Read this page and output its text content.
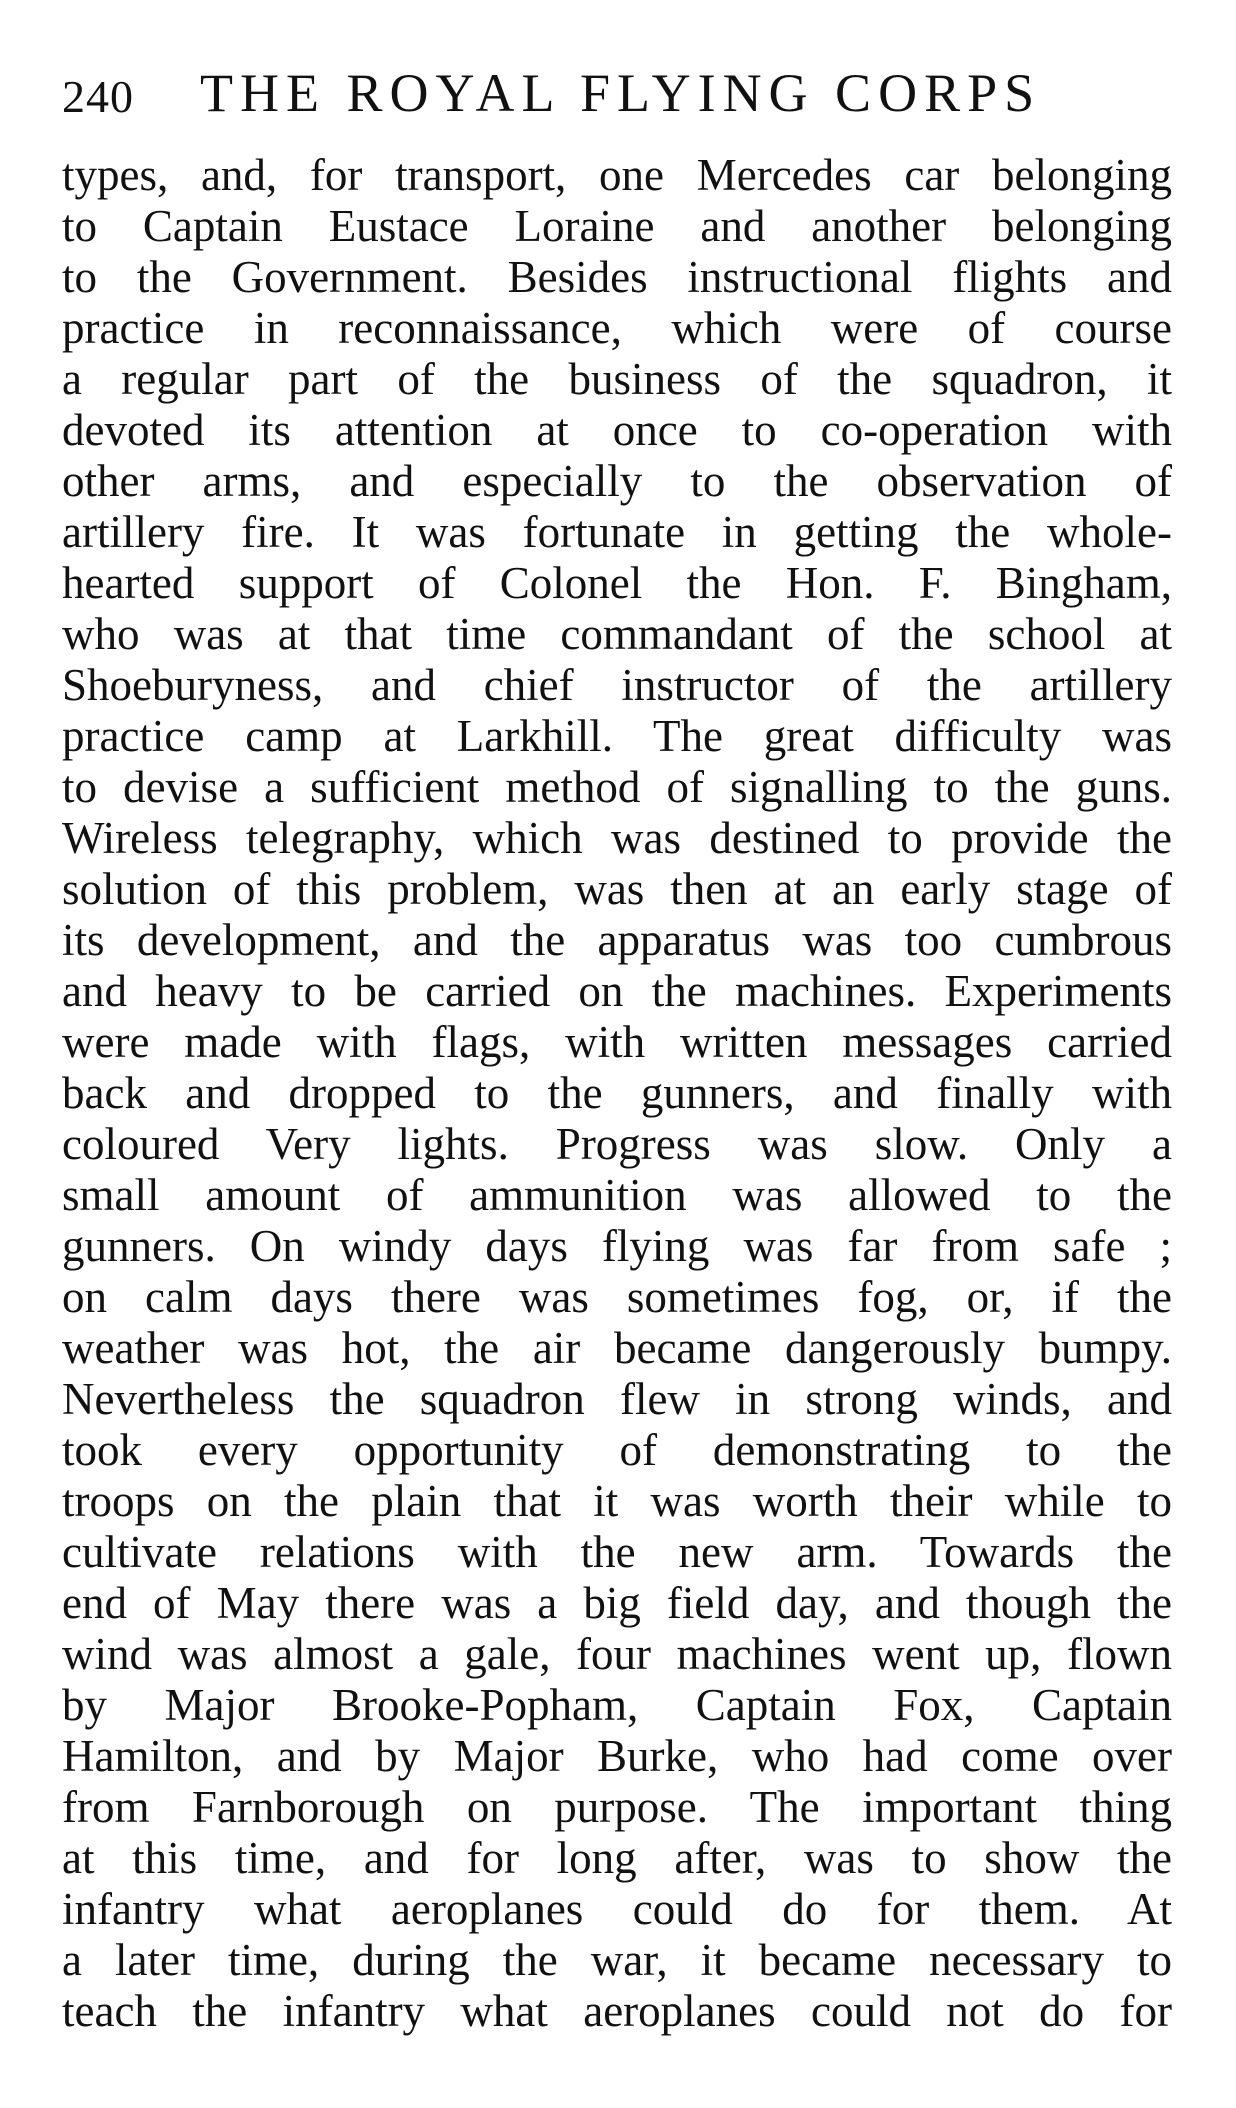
240 THE ROYAL FLYING CORPS
types, and, for transport, one Mercedes car belonging
to Captain Eustace Loraine and another belonging
to the Government. Besides instructional flights and
practice in reconnaissance, which were of course
a regular part of the business of the squadron, it
devoted its attention at once to co-operation with
other arms, and especially to the observation of
artillery fire. It was fortunate in getting the whole-
hearted support of Colonel the Hon. F. Bingham,
who was at that time commandant of the school at
Shoeburyness, and chief instructor of the artillery
practice camp at Larkhill. The great difficulty was
to devise a sufficient method of signalling to the guns.
Wireless telegraphy, which was destined to provide the
solution of this problem, was then at an early stage of
its development, and the apparatus was too cumbrous
and heavy to be carried on the machines. Experiments
were made with flags, with written messages carried
back and dropped to the gunners, and finally with
coloured Very lights. Progress was slow. Only a
small amount of ammunition was allowed to the
gunners. On windy days flying was far from safe ;
on calm days there was sometimes fog, or, if the
weather was hot, the air became dangerously bumpy.
Nevertheless the squadron flew in strong winds, and
took every opportunity of demonstrating to the
troops on the plain that it was worth their while to
cultivate relations with the new arm. Towards the
end of May there was a big field day, and though the
wind was almost a gale, four machines went up, flown
by Major Brooke-Popham, Captain Fox, Captain
Hamilton, and by Major Burke, who had come over
from Farnborough on purpose. The important thing
at this time, and for long after, was to show the
infantry what aeroplanes could do for them. At
a later time, during the war, it became necessary to
teach the infantry what aeroplanes could not do for
